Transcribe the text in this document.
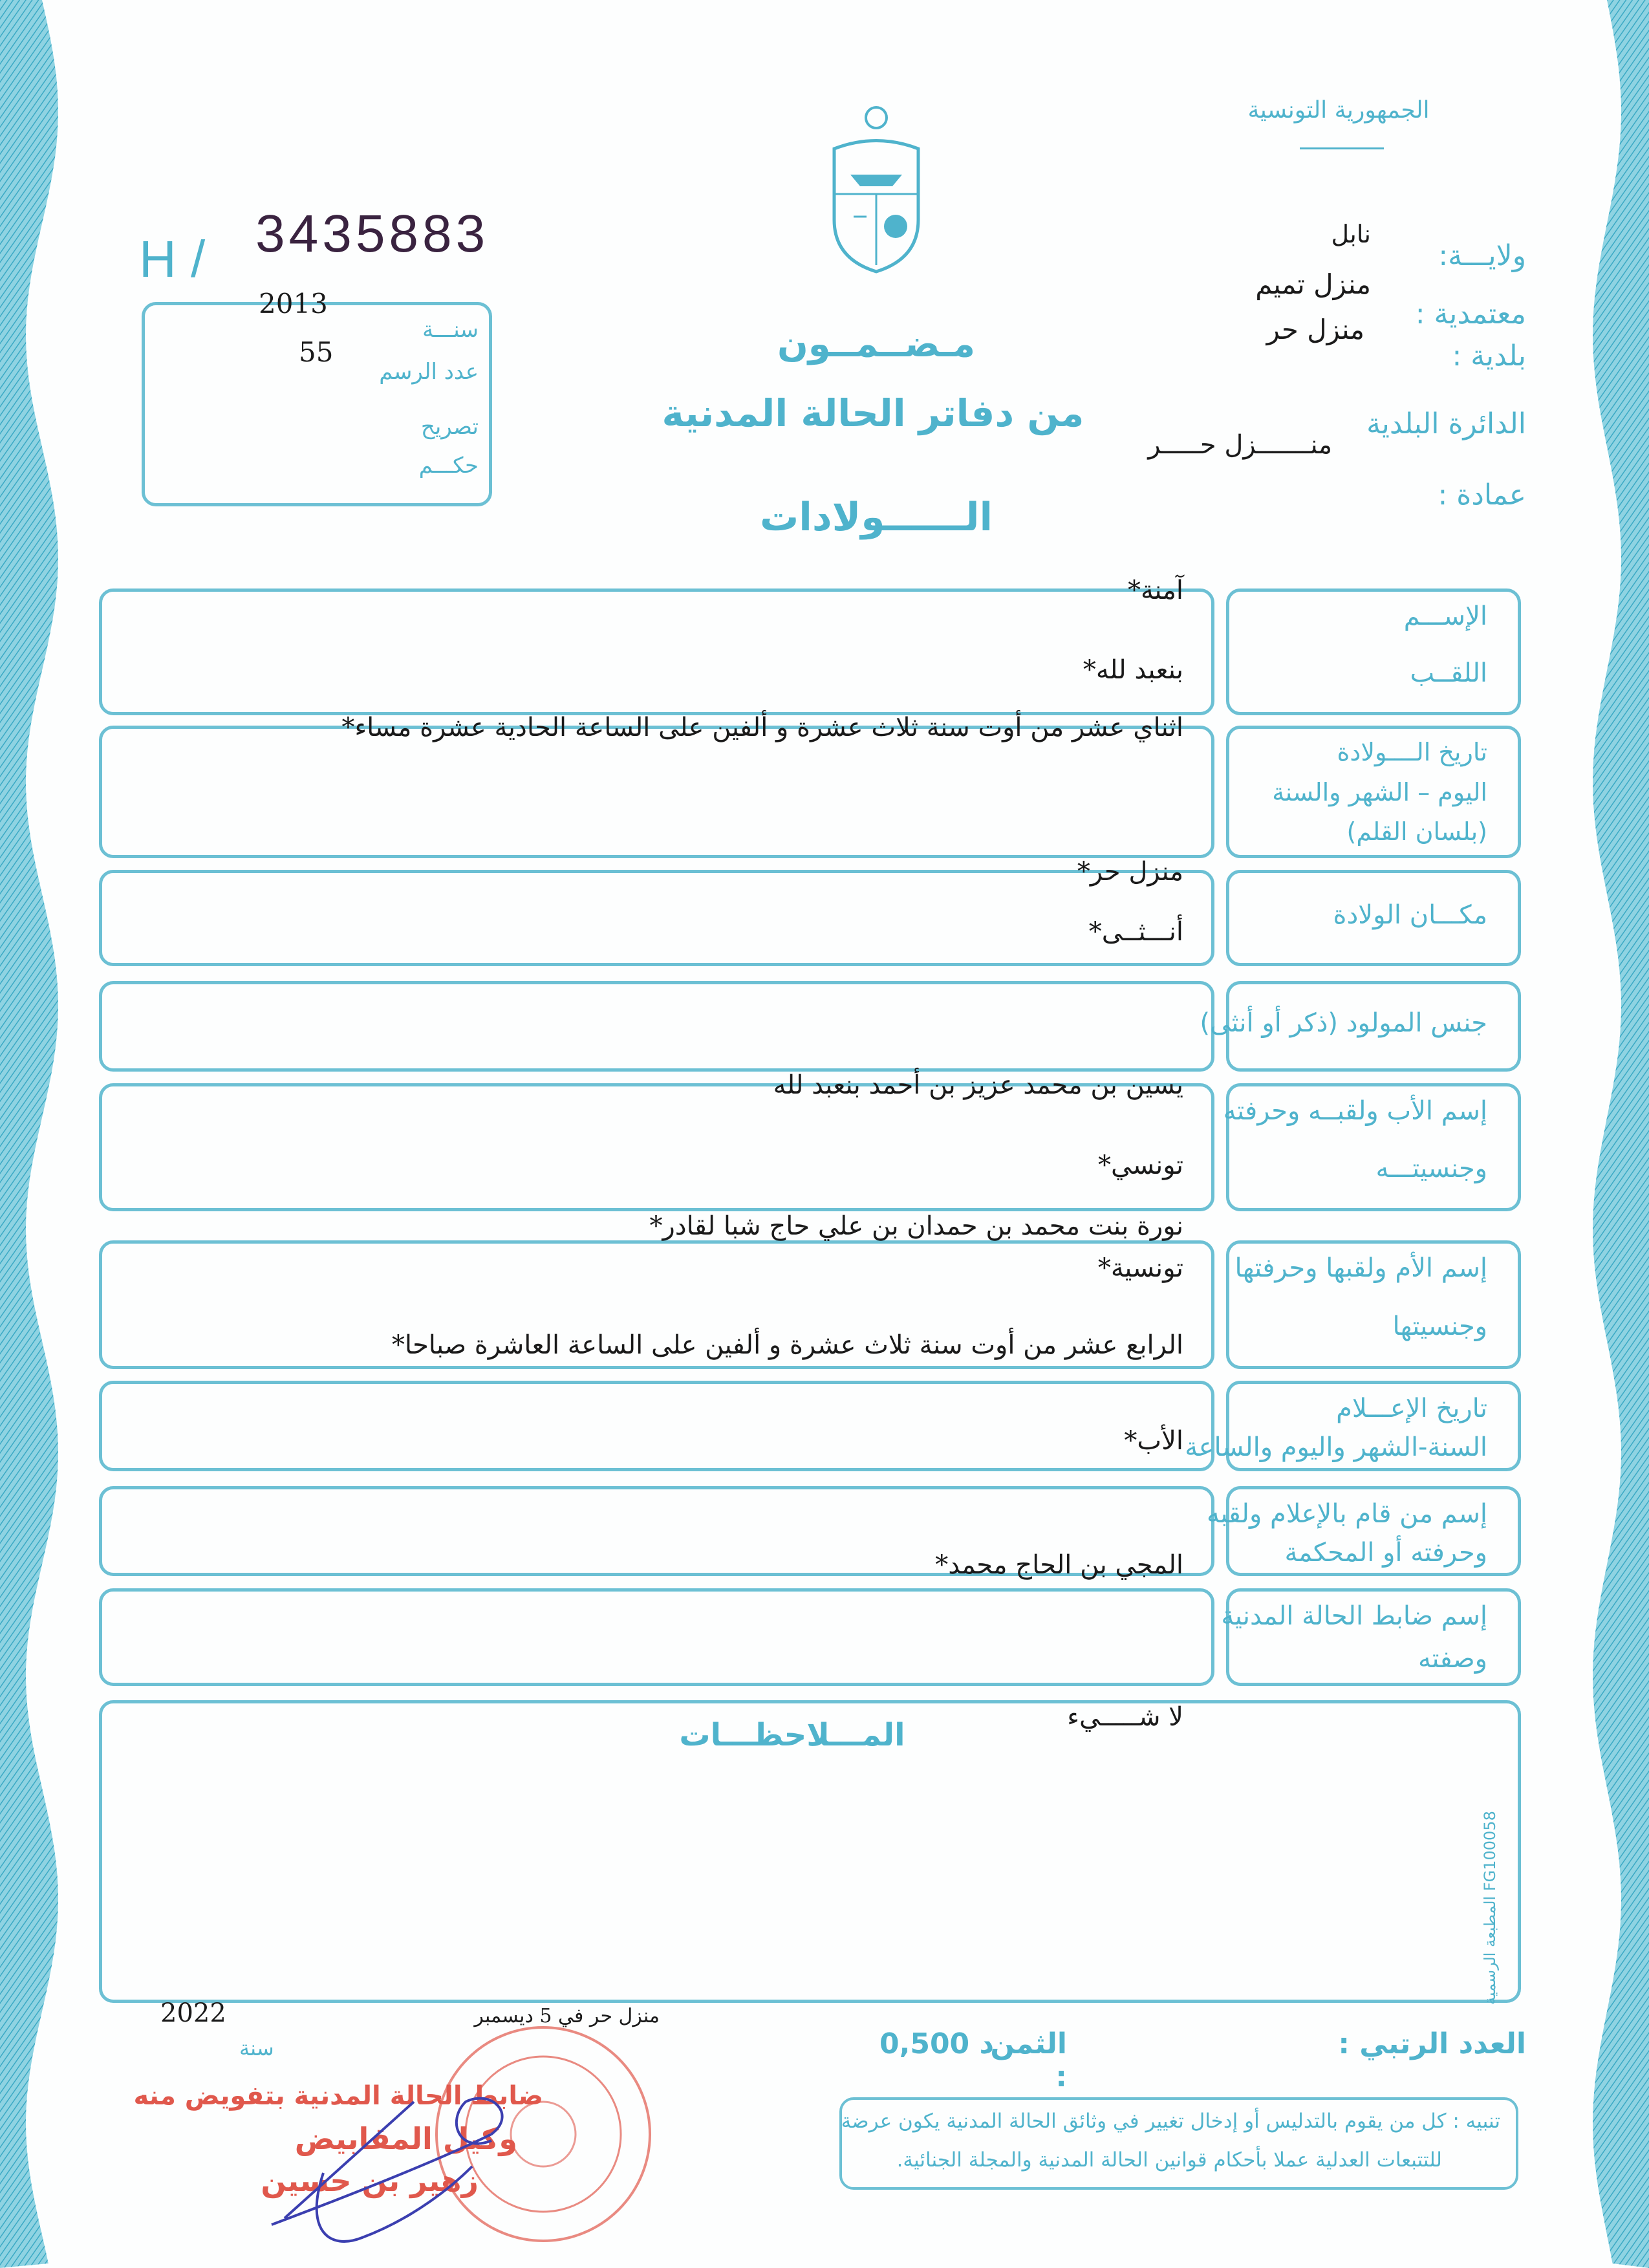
الجمهورية التونسية
H / 3435883
2013
سنـــة
55
عدد الرسم
تصريح
حكـــم
ولايـــة:
نابل
منزل تميم
معتمدية :
منزل حر
بلدية :
الدائرة البلدية
منـــــــزل حـــــر
عمادة :
مـضــمــون
من دفاتر الحالة المدنية
الــــــولادات
الإســـم
اللقــب
آمنة*
بنعبد لله*
تاريخ الــــولادة
اليوم – الشهر والسنة
(بلسان القلم)
اثناي عشر من أوت سنة ثلاث عشرة و ألفين على الساعة الحادية عشرة مساء*
مكـــان الولادة
منزل حر*
أنـــثــى*
جنس المولود (ذكر أو أنثى)
إسم الأب ولقبــه وحرفته
وجنسيتـــه
يسين بن محمد عزيز بن أحمد بنعبد لله
تونسي*
إسم الأم ولقبها وحرفتها
وجنسيتها
نورة بنت محمد بن حمدان بن علي حاج شبا لقادر*
تونسية*
الرابع عشر من أوت سنة ثلاث عشرة و ألفين على الساعة العاشرة صباحا*
تاريخ الإعـــلام
السنة-الشهر واليوم والساعة
الأب*
إسم من قام بالإعلام ولقبه
وحرفته أو المحكمة
المجي بن الحاج محمد*
إسم ضابط الحالة المدنية
وصفته
لا شـــــيء
المـــلاحظـــات
المطبعة الرسمية FG100058
2022	منزل حر في 5 ديسمبر
سنة	العدد الرتبي :
الثمن :
0,500 د
تنبيه : كل من يقوم بالتدليس أو إدخال تغيير في وثائق الحالة المدنية يكون عرضة
للتتبعات العدلية عملا بأحكام قوانين الحالة المدنية والمجلة الجنائية.
ضابط الحالة المدنية بتفويض منه
وكيل المقابيض
زهير بن حسين
